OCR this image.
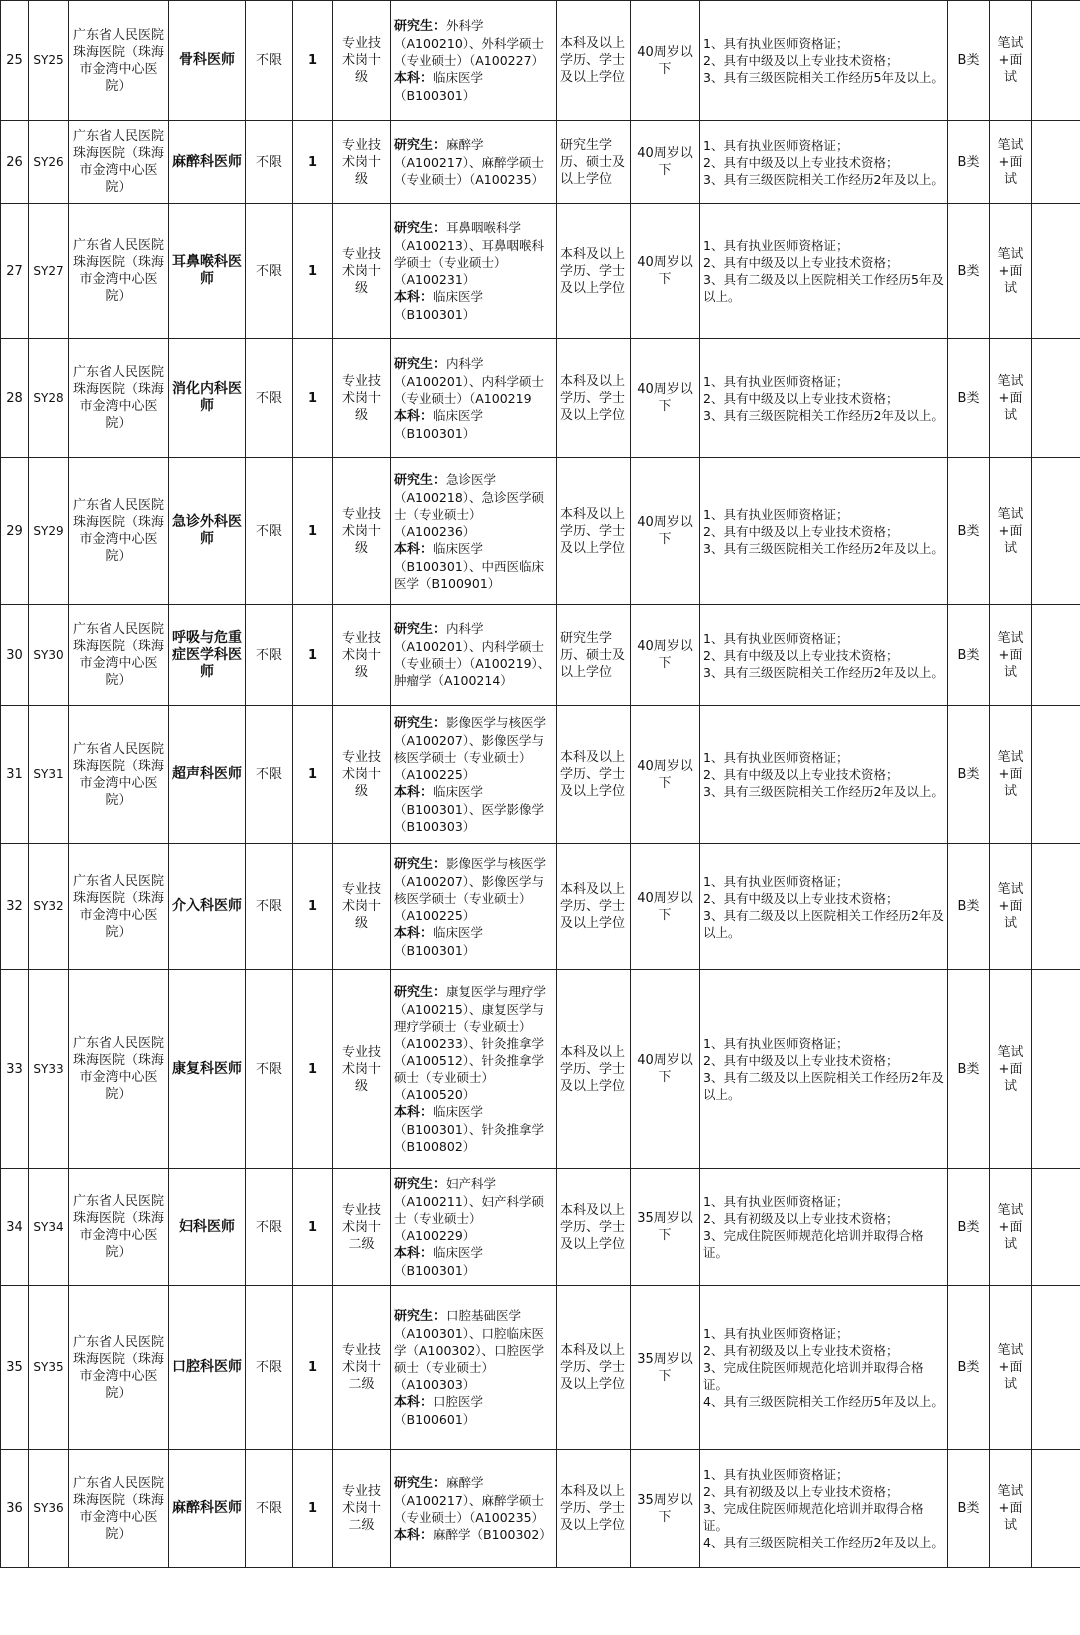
25	SY25	广东省人民医院珠海医院（珠海市金湾中心医院）	骨科医师	不限	1	专业技术岗十级	研究生：外科学（A100210）、外科学硕士（专业硕士）（A100227）
本科：临床医学（B100301）	本科及以上学历、学士及以上学位	40周岁以下	1、具有执业医师资格证；
2、具有中级及以上专业技术资格；
3、具有三级医院相关工作经历5年及以上。	B类	笔试+面试	
26	SY26	广东省人民医院珠海医院（珠海市金湾中心医院）	麻醉科医师	不限	1	专业技术岗十级	研究生：麻醉学（A100217）、麻醉学硕士（专业硕士）（A100235）	研究生学历、硕士及以上学位	40周岁以下	1、具有执业医师资格证；
2、具有中级及以上专业技术资格；
3、具有三级医院相关工作经历2年及以上。	B类	笔试+面试	
27	SY27	广东省人民医院珠海医院（珠海市金湾中心医院）	耳鼻喉科医师	不限	1	专业技术岗十级	研究生：耳鼻咽喉科学（A100213）、耳鼻咽喉科学硕士（专业硕士）（A100231）
本科：临床医学（B100301）	本科及以上学历、学士及以上学位	40周岁以下	1、具有执业医师资格证；
2、具有中级及以上专业技术资格；
3、具有二级及以上医院相关工作经历5年及以上。	B类	笔试+面试	
28	SY28	广东省人民医院珠海医院（珠海市金湾中心医院）	消化内科医师	不限	1	专业技术岗十级	研究生：内科学（A100201）、内科学硕士（专业硕士）（A100219
本科：临床医学（B100301）	本科及以上学历、学士及以上学位	40周岁以下	1、具有执业医师资格证；
2、具有中级及以上专业技术资格；
3、具有三级医院相关工作经历2年及以上。	B类	笔试+面试	
29	SY29	广东省人民医院珠海医院（珠海市金湾中心医院）	急诊外科医师	不限	1	专业技术岗十级	研究生：急诊医学（A100218）、急诊医学硕士（专业硕士）（A100236）
本科：临床医学（B100301）、中西医临床医学（B100901）	本科及以上学历、学士及以上学位	40周岁以下	1、具有执业医师资格证；
2、具有中级及以上专业技术资格；
3、具有三级医院相关工作经历2年及以上。	B类	笔试+面试	
30	SY30	广东省人民医院珠海医院（珠海市金湾中心医院）	呼吸与危重症医学科医师	不限	1	专业技术岗十级	研究生：内科学（A100201）、内科学硕士（专业硕士）（A100219）、肿瘤学（A100214）	研究生学历、硕士及以上学位	40周岁以下	1、具有执业医师资格证；
2、具有中级及以上专业技术资格；
3、具有三级医院相关工作经历2年及以上。	B类	笔试+面试	
31	SY31	广东省人民医院珠海医院（珠海市金湾中心医院）	超声科医师	不限	1	专业技术岗十级	研究生：影像医学与核医学（A100207）、影像医学与核医学硕士（专业硕士）（A100225）
本科：临床医学（B100301）、医学影像学（B100303）	本科及以上学历、学士及以上学位	40周岁以下	1、具有执业医师资格证；
2、具有中级及以上专业技术资格；
3、具有三级医院相关工作经历2年及以上。	B类	笔试+面试	
32	SY32	广东省人民医院珠海医院（珠海市金湾中心医院）	介入科医师	不限	1	专业技术岗十级	研究生：影像医学与核医学（A100207）、影像医学与核医学硕士（专业硕士）（A100225）
本科：临床医学（B100301）	本科及以上学历、学士及以上学位	40周岁以下	1、具有执业医师资格证；
2、具有中级及以上专业技术资格；
3、具有二级及以上医院相关工作经历2年及以上。	B类	笔试+面试	
33	SY33	广东省人民医院珠海医院（珠海市金湾中心医院）	康复科医师	不限	1	专业技术岗十级	研究生：康复医学与理疗学（A100215）、康复医学与理疗学硕士（专业硕士）（A100233）、针灸推拿学（A100512）、针灸推拿学硕士（专业硕士）（A100520）
本科：临床医学（B100301）、针灸推拿学（B100802）	本科及以上学历、学士及以上学位	40周岁以下	1、具有执业医师资格证；
2、具有中级及以上专业技术资格；
3、具有二级及以上医院相关工作经历2年及以上。	B类	笔试+面试	
34	SY34	广东省人民医院珠海医院（珠海市金湾中心医院）	妇科医师	不限	1	专业技术岗十二级	研究生：妇产科学（A100211）、妇产科学硕士（专业硕士）（A100229）
本科：临床医学（B100301）	本科及以上学历、学士及以上学位	35周岁以下	1、具有执业医师资格证；
2、具有初级及以上专业技术资格；
3、完成住院医师规范化培训并取得合格证。	B类	笔试+面试	
35	SY35	广东省人民医院珠海医院（珠海市金湾中心医院）	口腔科医师	不限	1	专业技术岗十二级	研究生：口腔基础医学（A100301）、口腔临床医学（A100302）、口腔医学硕士（专业硕士）（A100303）
本科：口腔医学（B100601）	本科及以上学历、学士及以上学位	35周岁以下	1、具有执业医师资格证；
2、具有初级及以上专业技术资格；
3、完成住院医师规范化培训并取得合格证。
4、具有三级医院相关工作经历5年及以上。	B类	笔试+面试	
36	SY36	广东省人民医院珠海医院（珠海市金湾中心医院）	麻醉科医师	不限	1	专业技术岗十二级	研究生：麻醉学（A100217）、麻醉学硕士（专业硕士）（A100235）
本科：麻醉学（B100302）	本科及以上学历、学士及以上学位	35周岁以下	1、具有执业医师资格证；
2、具有初级及以上专业技术资格；
3、完成住院医师规范化培训并取得合格证。
4、具有三级医院相关工作经历2年及以上。	B类	笔试+面试	
